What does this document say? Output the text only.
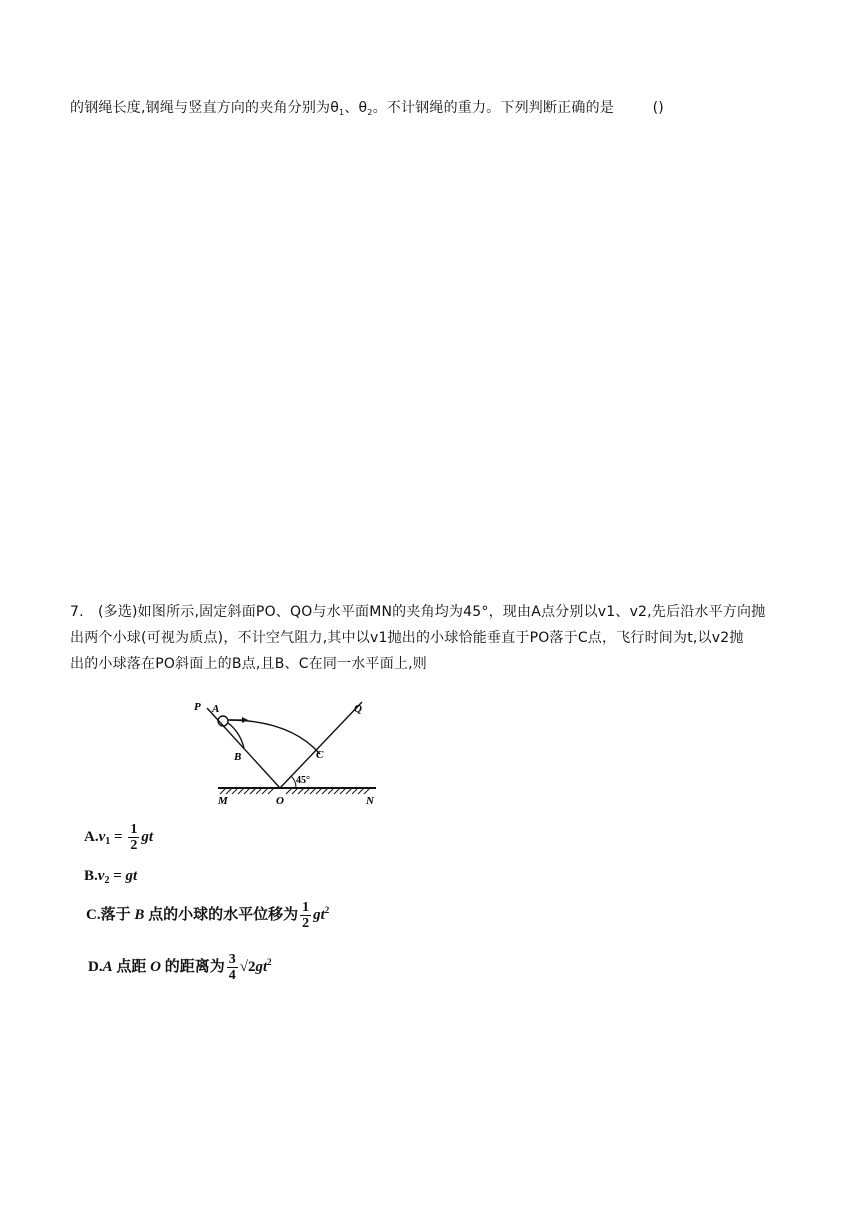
的钢绳长度,钢绳与竖直方向的夹角分别为$\theta_1$、$\theta_2$。不计钢绳的重力。下列判断正确的是	()
7.　(多选)如图所示,固定斜面PO、QO与水平面MN的夹角均为45°，现由A点分别以v1、v2,先后沿水平方向抛
出两个小球(可视为质点)，不计空气阻力,其中以v1抛出的小球恰能垂直于PO落于C点，飞行时间为t,以v2抛
出的小球落在PO斜面上的B点,且B、C在同一水平面上,则
P A
B	C
Q
M	O	N
45°
$A.v_1 = \frac{1}{2}$ gt
$B.v_2$ = gt
C.落于 B 点的小球的水平位移为 $\frac{1}{2} gt^2$
D.A 点距 O 的距离为 $\frac{3}{4} √2gt^2$
